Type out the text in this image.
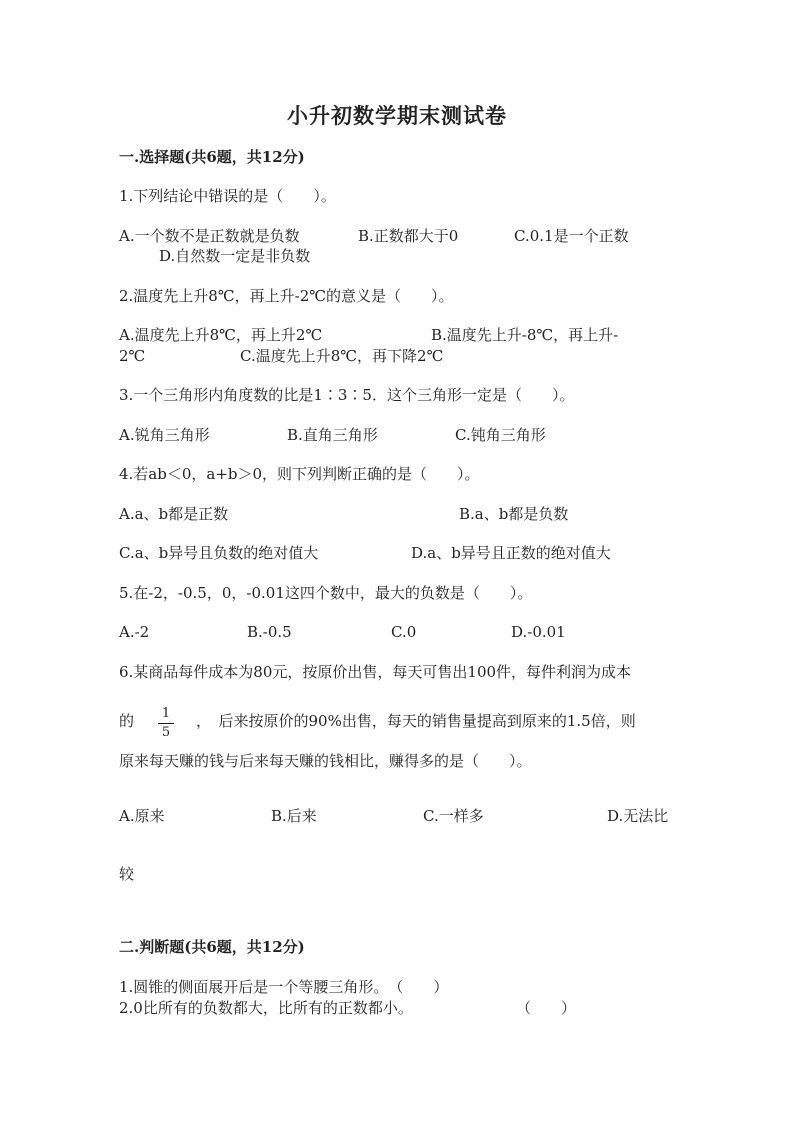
小升初数学期末测试卷
一.选择题(共6题，共12分)
1.下列结论中错误的是（　　）。
A.一个数不是正数就是负数	B.正数都大于0	C.0.1是一个正数
D.自然数一定是非负数
2.温度先上升8℃，再上升-2℃的意义是（　　）。
A.温度先上升8℃，再上升2℃	B.温度先上升-8℃，再上升-
2℃	C.温度先上升8℃，再下降2℃
3.一个三角形内角度数的比是1∶3∶5．这个三角形一定是（　　）。
A.锐角三角形	B.直角三角形	C.钝角三角形
4.若ab＜0，a+b＞0，则下列判断正确的是（　　）。
A.a、b都是正数	B.a、b都是负数
C.a、b异号且负数的绝对值大	D.a、b异号且正数的绝对值大
5.在-2，-0.5，0，-0.01这四个数中，最大的负数是（　　）。
A.-2	B.-0.5	C.0	D.-0.01
6.某商品每件成本为80元，按原价出售，每天可售出100件，每件利润为成本
的	1
5
，　后来按原价的90%出售，每天的销售量提高到原来的1.5倍，则
原来每天赚的钱与后来每天赚的钱相比，赚得多的是（　　）。
A.原来	B.后来	C.一样多	D.无法比
较
二.判断题(共6题，共12分)
1.圆锥的侧面展开后是一个等腰三角形。　（　　）
2.0比所有的负数都大，比所有的正数都小。	（　　）
